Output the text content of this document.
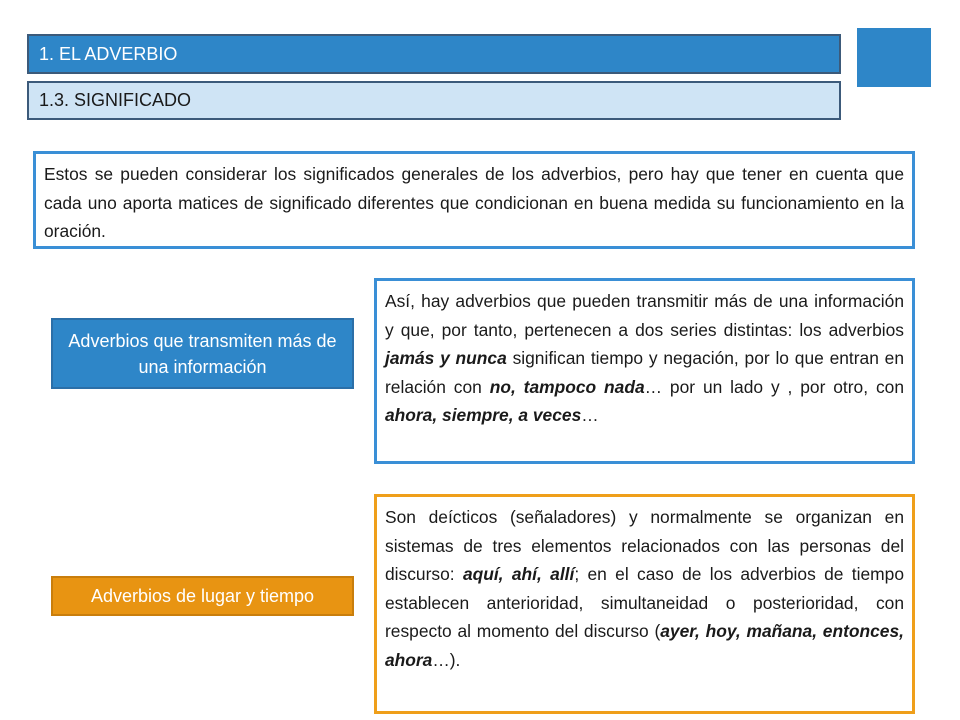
1. EL ADVERBIO
1.3. SIGNIFICADO
Estos se pueden considerar los significados generales de los adverbios, pero hay que tener en cuenta que cada uno aporta matices de significado diferentes que condicionan en buena medida su funcionamiento en la oración.
Adverbios que transmiten más de una información
Así, hay adverbios que pueden transmitir más de una información y que, por tanto, pertenecen a dos series distintas: los adverbios jamás y nunca significan tiempo y negación, por lo que entran en relación con no, tampoco nada… por un lado y , por otro, con ahora, siempre, a veces…
Adverbios de lugar y tiempo
Son deícticos (señaladores) y normalmente se organizan en sistemas de tres elementos relacionados con las personas del discurso: aquí, ahí, allí; en el caso de los adverbios de tiempo establecen anterioridad, simultaneidad o posterioridad, con respecto al momento del discurso (ayer, hoy, mañana, entonces, ahora…).
